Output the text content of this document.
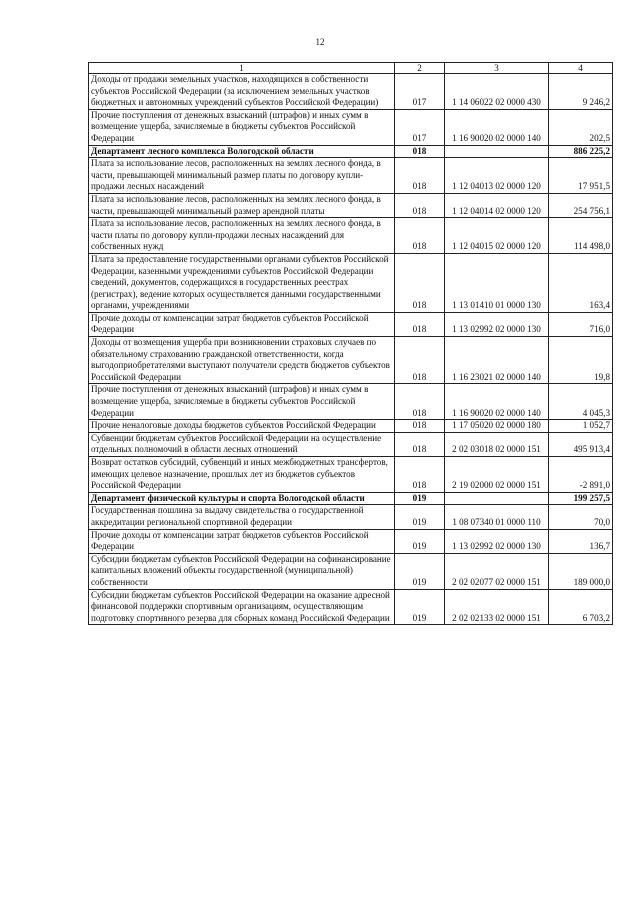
12
1	2	3	4
Доходы от продажи земельных участков, находящихся в собственности субъектов Российской Федерации (за исключением земельных участков бюджетных и автономных учреждений субъектов Российской Федерации)	017	1 14 06022 02 0000 430	9 246,2
Прочие поступления от денежных взысканий (штрафов) и иных сумм в возмещение ущерба, зачисляемые в бюджеты субъектов Российской Федерации	017	1 16 90020 02 0000 140	202,5
Департамент лесного комплекса Вологодской области	018		886 225,2
Плата за использование лесов, расположенных на землях лесного фонда, в части, превышающей минимальный размер платы по договору купли-продажи лесных насаждений	018	1 12 04013 02 0000 120	17 951,5
Плата за использование лесов, расположенных на землях лесного фонда, в части, превышающей минимальный размер арендной платы	018	1 12 04014 02 0000 120	254 756,1
Плата за использование лесов, расположенных на землях лесного фонда, в части платы по договору купли-продажи лесных насаждений для собственных нужд	018	1 12 04015 02 0000 120	114 498,0
Плата за предоставление государственными органами субъектов Российской Федерации, казенными учреждениями субъектов Российской Федерации сведений, документов, содержащихся в государственных реестрах (регистрах), ведение которых осуществляется данными государственными органами, учреждениями	018	1 13 01410 01 0000 130	163,4
Прочие доходы от компенсации затрат бюджетов субъектов Российской Федерации	018	1 13 02992 02 0000 130	716,0
Доходы от возмещения ущерба при возникновении страховых случаев по обязательному страхованию гражданской ответственности, когда выгодоприобретателями выступают получатели средств бюджетов субъектов Российской Федерации	018	1 16 23021 02 0000 140	19,8
Прочие поступления от денежных взысканий (штрафов) и иных сумм в возмещение ущерба, зачисляемые в бюджеты субъектов Российской Федерации	018	1 16 90020 02 0000 140	4 045,3
Прочие неналоговые доходы бюджетов субъектов Российской Федерации	018	1 17 05020 02 0000 180	1 052,7
Субвенции бюджетам субъектов Российской Федерации на осуществление отдельных полномочий в области лесных отношений	018	2 02 03018 02 0000 151	495 913,4
Возврат остатков субсидий, субвенций и иных межбюджетных трансфертов, имеющих целевое назначение, прошлых лет из бюджетов субъектов Российской Федерации	018	2 19 02000 02 0000 151	-2 891,0
Департамент физической культуры и спорта Вологодской области	019		199 257,5
Государственная пошлина за выдачу свидетельства о государственной аккредитации региональной спортивной федерации	019	1 08 07340 01 0000 110	70,0
Прочие доходы от компенсации затрат бюджетов субъектов Российской Федерации	019	1 13 02992 02 0000 130	136,7
Субсидии бюджетам субъектов Российской Федерации на софинансирование капитальных вложений объекты государственной (муниципальной) собственности	019	2 02 02077 02 0000 151	189 000,0
Субсидии бюджетам субъектов Российской Федерации на оказание адресной финансовой поддержки спортивным организациям, осуществляющим подготовку спортивного резерва для сборных команд Российской Федерации	019	2 02 02133 02 0000 151	6 703,2
